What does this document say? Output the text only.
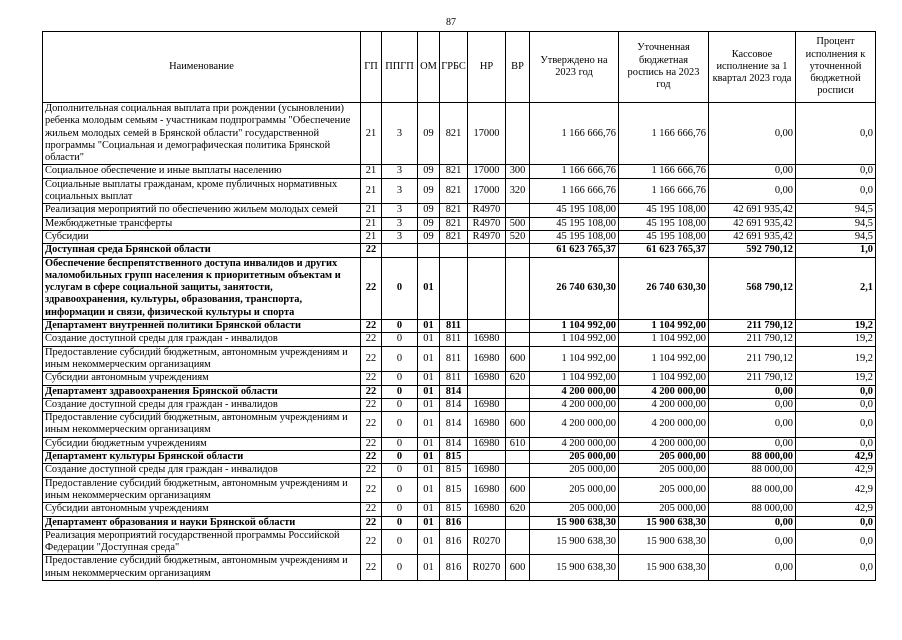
87
Наименование	ГП	ППГП	ОМ	ГРБС	НР	ВР	Утверждено на 2023 год	Уточненная бюджетная роспись на 2023 год	Кассовое исполнение за 1 квартал 2023 года	Процент исполнения к уточненной бюджетной росписи
Дополнительная социальная выплата при рождении (усыновлении) ребенка молодым семьям - участникам подпрограммы "Обеспечение жильем молодых семей в Брянской области" государственной программы "Социальная и демографическая политика Брянской области"	21	3	09	821	17000		1 166 666,76	1 166 666,76	0,00	0,0
Социальное обеспечение и иные выплаты населению	21	3	09	821	17000	300	1 166 666,76	1 166 666,76	0,00	0,0
Социальные выплаты гражданам, кроме публичных нормативных социальных выплат	21	3	09	821	17000	320	1 166 666,76	1 166 666,76	0,00	0,0
Реализация мероприятий по обеспечению жильем молодых семей	21	3	09	821	R4970		45 195 108,00	45 195 108,00	42 691 935,42	94,5
Межбюджетные трансферты	21	3	09	821	R4970	500	45 195 108,00	45 195 108,00	42 691 935,42	94,5
Субсидии	21	3	09	821	R4970	520	45 195 108,00	45 195 108,00	42 691 935,42	94,5
Доступная среда Брянской области	22						61 623 765,37	61 623 765,37	592 790,12	1,0
Обеспечение беспрепятственного доступа инвалидов и других маломобильных групп населения к приоритетным объектам и услугам в сфере социальной защиты, занятости, здравоохранения, культуры, образования, транспорта, информации и связи, физической культуры и спорта	22	0	01				26 740 630,30	26 740 630,30	568 790,12	2,1
Департамент внутренней политики Брянской области	22	0	01	811			1 104 992,00	1 104 992,00	211 790,12	19,2
Создание доступной среды для граждан - инвалидов	22	0	01	811	16980		1 104 992,00	1 104 992,00	211 790,12	19,2
Предоставление субсидий бюджетным, автономным учреждениям и иным некоммерческим организациям	22	0	01	811	16980	600	1 104 992,00	1 104 992,00	211 790,12	19,2
Субсидии автономным учреждениям	22	0	01	811	16980	620	1 104 992,00	1 104 992,00	211 790,12	19,2
Департамент здравоохранения Брянской области	22	0	01	814			4 200 000,00	4 200 000,00	0,00	0,0
Создание доступной среды для граждан - инвалидов	22	0	01	814	16980		4 200 000,00	4 200 000,00	0,00	0,0
Предоставление субсидий бюджетным, автономным учреждениям и иным некоммерческим организациям	22	0	01	814	16980	600	4 200 000,00	4 200 000,00	0,00	0,0
Субсидии бюджетным учреждениям	22	0	01	814	16980	610	4 200 000,00	4 200 000,00	0,00	0,0
Департамент культуры Брянской области	22	0	01	815			205 000,00	205 000,00	88 000,00	42,9
Создание доступной среды для граждан - инвалидов	22	0	01	815	16980		205 000,00	205 000,00	88 000,00	42,9
Предоставление субсидий бюджетным, автономным учреждениям и иным некоммерческим организациям	22	0	01	815	16980	600	205 000,00	205 000,00	88 000,00	42,9
Субсидии автономным учреждениям	22	0	01	815	16980	620	205 000,00	205 000,00	88 000,00	42,9
Департамент образования и науки Брянской области	22	0	01	816			15 900 638,30	15 900 638,30	0,00	0,0
Реализация мероприятий государственной программы Российской Федерации "Доступная среда"	22	0	01	816	R0270		15 900 638,30	15 900 638,30	0,00	0,0
Предоставление субсидий бюджетным, автономным учреждениям и иным некоммерческим организациям	22	0	01	816	R0270	600	15 900 638,30	15 900 638,30	0,00	0,0
